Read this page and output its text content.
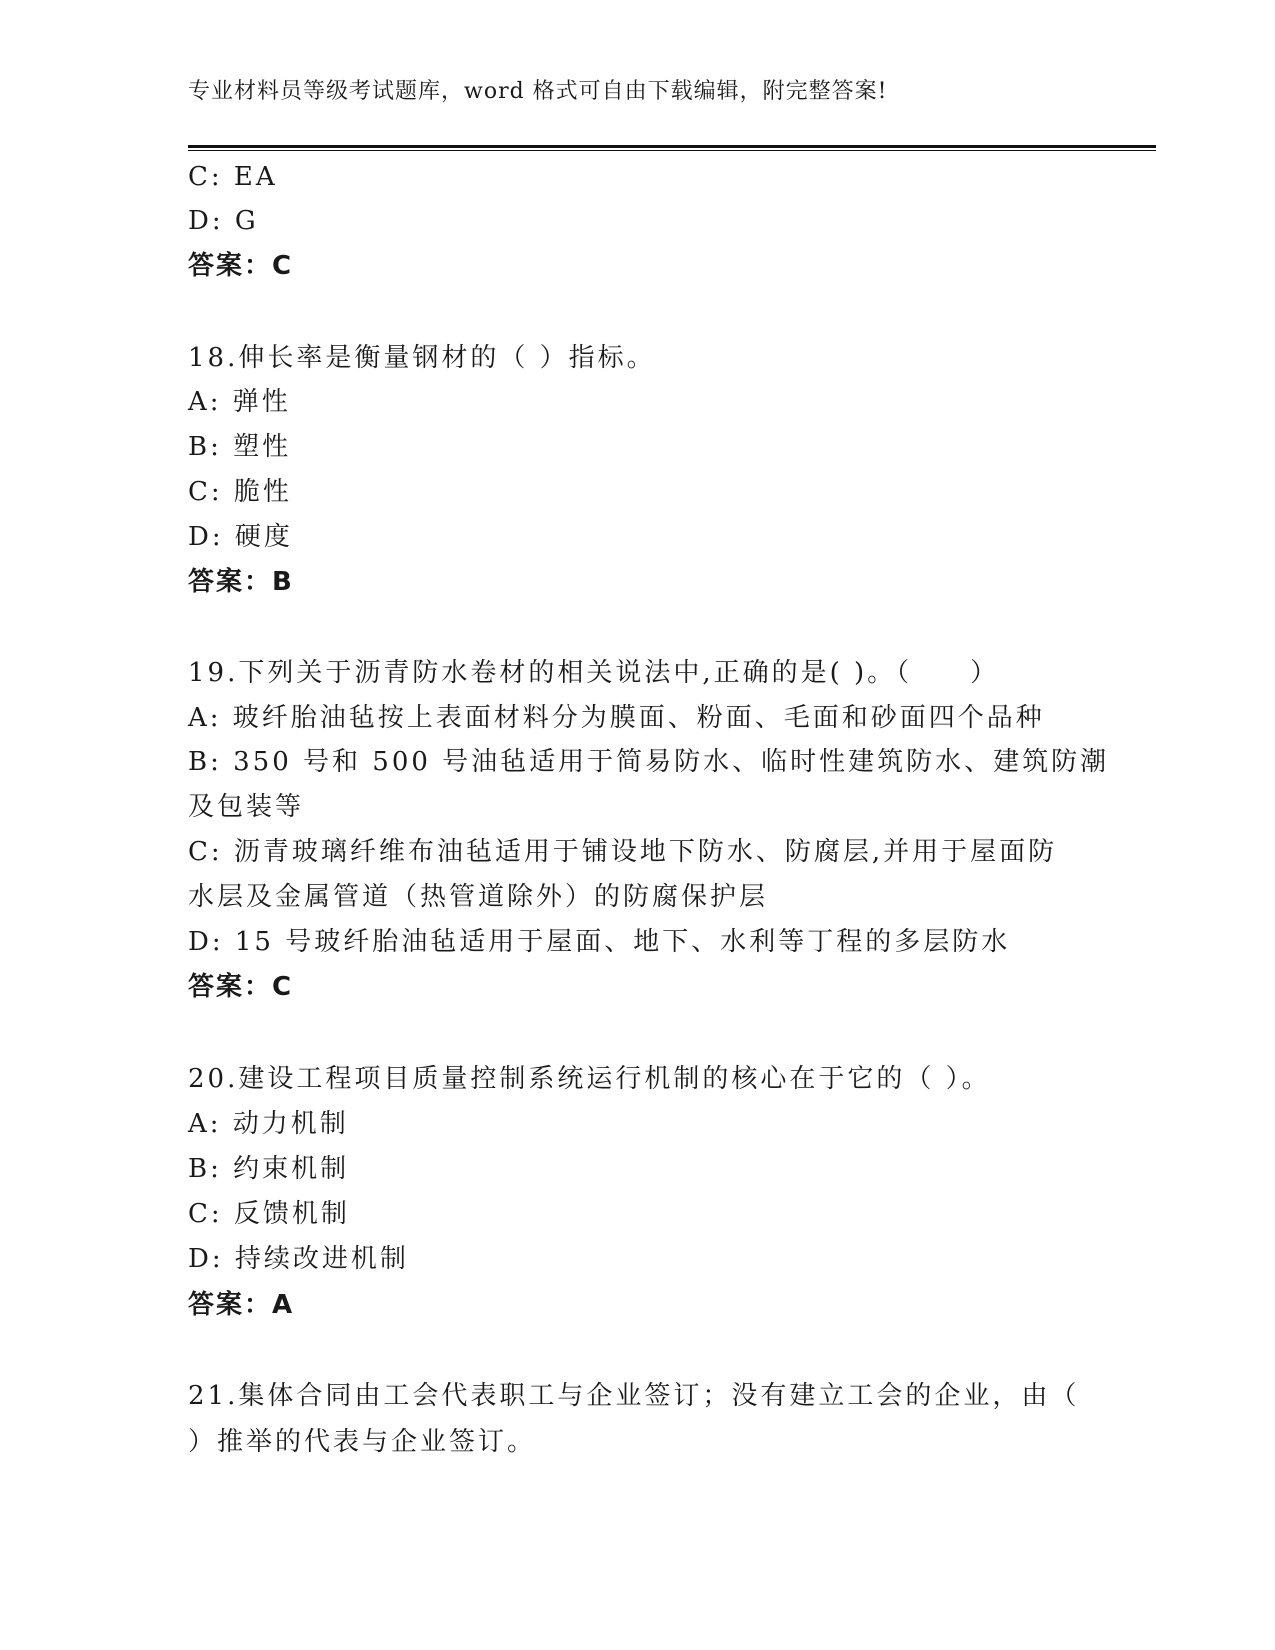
专业材料员等级考试题库，word 格式可自由下载编辑，附完整答案!
C: EA
D: G
答案：C
18.伸长率是衡量钢材的（ ）指标。
A: 弹性
B: 塑性
C: 脆性
D: 硬度
答案：B
19.下列关于沥青防水卷材的相关说法中,正确的是( )。（　　）
A: 玻纤胎油毡按上表面材料分为膜面、粉面、毛面和砂面四个品种
B: 350 号和 500 号油毡适用于简易防水、临时性建筑防水、建筑防潮
及包装等
C: 沥青玻璃纤维布油毡适用于铺设地下防水、防腐层,并用于屋面防
水层及金属管道（热管道除外）的防腐保护层
D: 15 号玻纤胎油毡适用于屋面、地下、水利等丁程的多层防水
答案：C
20.建设工程项目质量控制系统运行机制的核心在于它的（ ）。
A: 动力机制
B: 约束机制
C: 反馈机制
D: 持续改进机制
答案：A
21.集体合同由工会代表职工与企业签订；没有建立工会的企业，由（
）推举的代表与企业签订。
